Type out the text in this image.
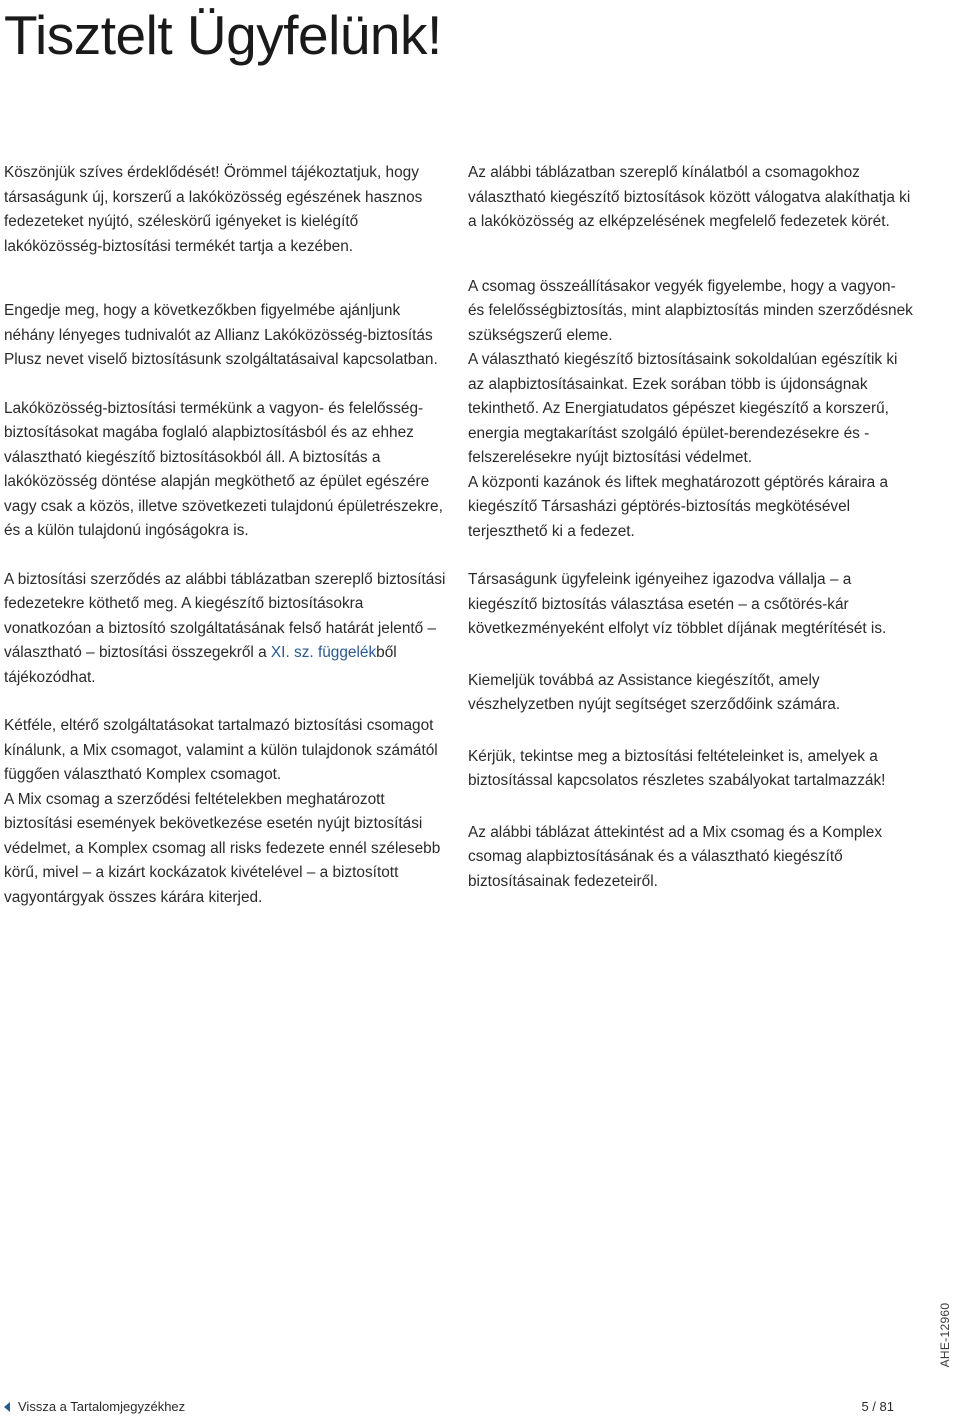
Tisztelt Ügyfelünk!

Köszönjük szíves érdeklődését! Örömmel tájékoztatjuk, hogy társaságunk új, korszerű a lakóközösség egészének hasznos fedezeteket nyújtó, széleskörű igényeket is kielégítő lakóközösség-biztosítási termékét tartja a kezében.

Engedje meg, hogy a következőkben figyelmébe ajánljunk néhány lényeges tudnivalót az Allianz Lakóközösség-biztosítás Plusz nevet viselő biztosításunk szolgáltatásaival kapcsolatban.

Lakóközösség-biztosítási termékünk a vagyon- és felelősség-biztosításokat magába foglaló alapbiztosításból és az ehhez választható kiegészítő biztosításokból áll. A biztosítás a lakóközösség döntése alapján megköthető az épület egészére vagy csak a közös, illetve szövetkezeti tulajdonú épületrészekre, és a külön tulajdonú ingóságokra is.

A biztosítási szerződés az alábbi táblázatban szereplő biztosítási fedezetekre köthető meg. A kiegészítő biztosításokra vonatkozóan a biztosító szolgáltatásának felső határát jelentő – választható – biztosítási összegekről a XI. sz. függelékből tájékozódhat.

Kétféle, eltérő szolgáltatásokat tartalmazó biztosítási csomagot kínálunk, a Mix csomagot, valamint a külön tulajdonok számától függően választható Komplex csomagot.

A Mix csomag a szerződési feltételekben meghatározott biztosítási események bekövetkezése esetén nyújt biztosítási védelmet, a Komplex csomag all risks fedezete ennél szélesebb körű, mivel – a kizárt kockázatok kivételével – a biztosított vagyontárgyak összes kárára kiterjed.

Az alábbi táblázatban szereplő kínálatból a csomagokhoz választható kiegészítő biztosítások között válogatva alakíthatja ki a lakóközösség az elképzelésének megfelelő fedezetek körét.

A csomag összeállításakor vegyék figyelembe, hogy a vagyon- és felelősségbiztosítás, mint alapbiztosítás minden szerződésnek szükségszerű eleme.

A választható kiegészítő biztosításaink sokoldalúan egészítik ki az alapbiztosításainkat. Ezek sorában több is újdonságnak tekinthető. Az Energiatudatos gépészet kiegészítő a korszerű, energia megtakarítást szolgáló épület-berendezésekre és -felszerelésekre nyújt biztosítási védelmet.

A központi kazánok és liftek meghatározott géptörés káraira a kiegészítő Társasházi géptörés-biztosítás megkötésével terjeszthető ki a fedezet.

Társaságunk ügyfeleink igényeihez igazodva vállalja – a kiegészítő biztosítás választása esetén – a csőtörés-kár következményeként elfolyt víz többlet díjának megtérítését is.

Kiemeljük továbbá az Assistance kiegészítőt, amely vészhelyzetben nyújt segítséget szerződőink számára.

Kérjük, tekintse meg a biztosítási feltételeinket is, amelyek a biztosítással kapcsolatos részletes szabályokat tartalmazzák!

Az alábbi táblázat áttekintést ad a Mix csomag és a Komplex csomag alapbiztosításának és a választható kiegészítő biztosításainak fedezeteiről.

AHE-12960
Vissza a Tartalomjegyzékhez	5 / 81
